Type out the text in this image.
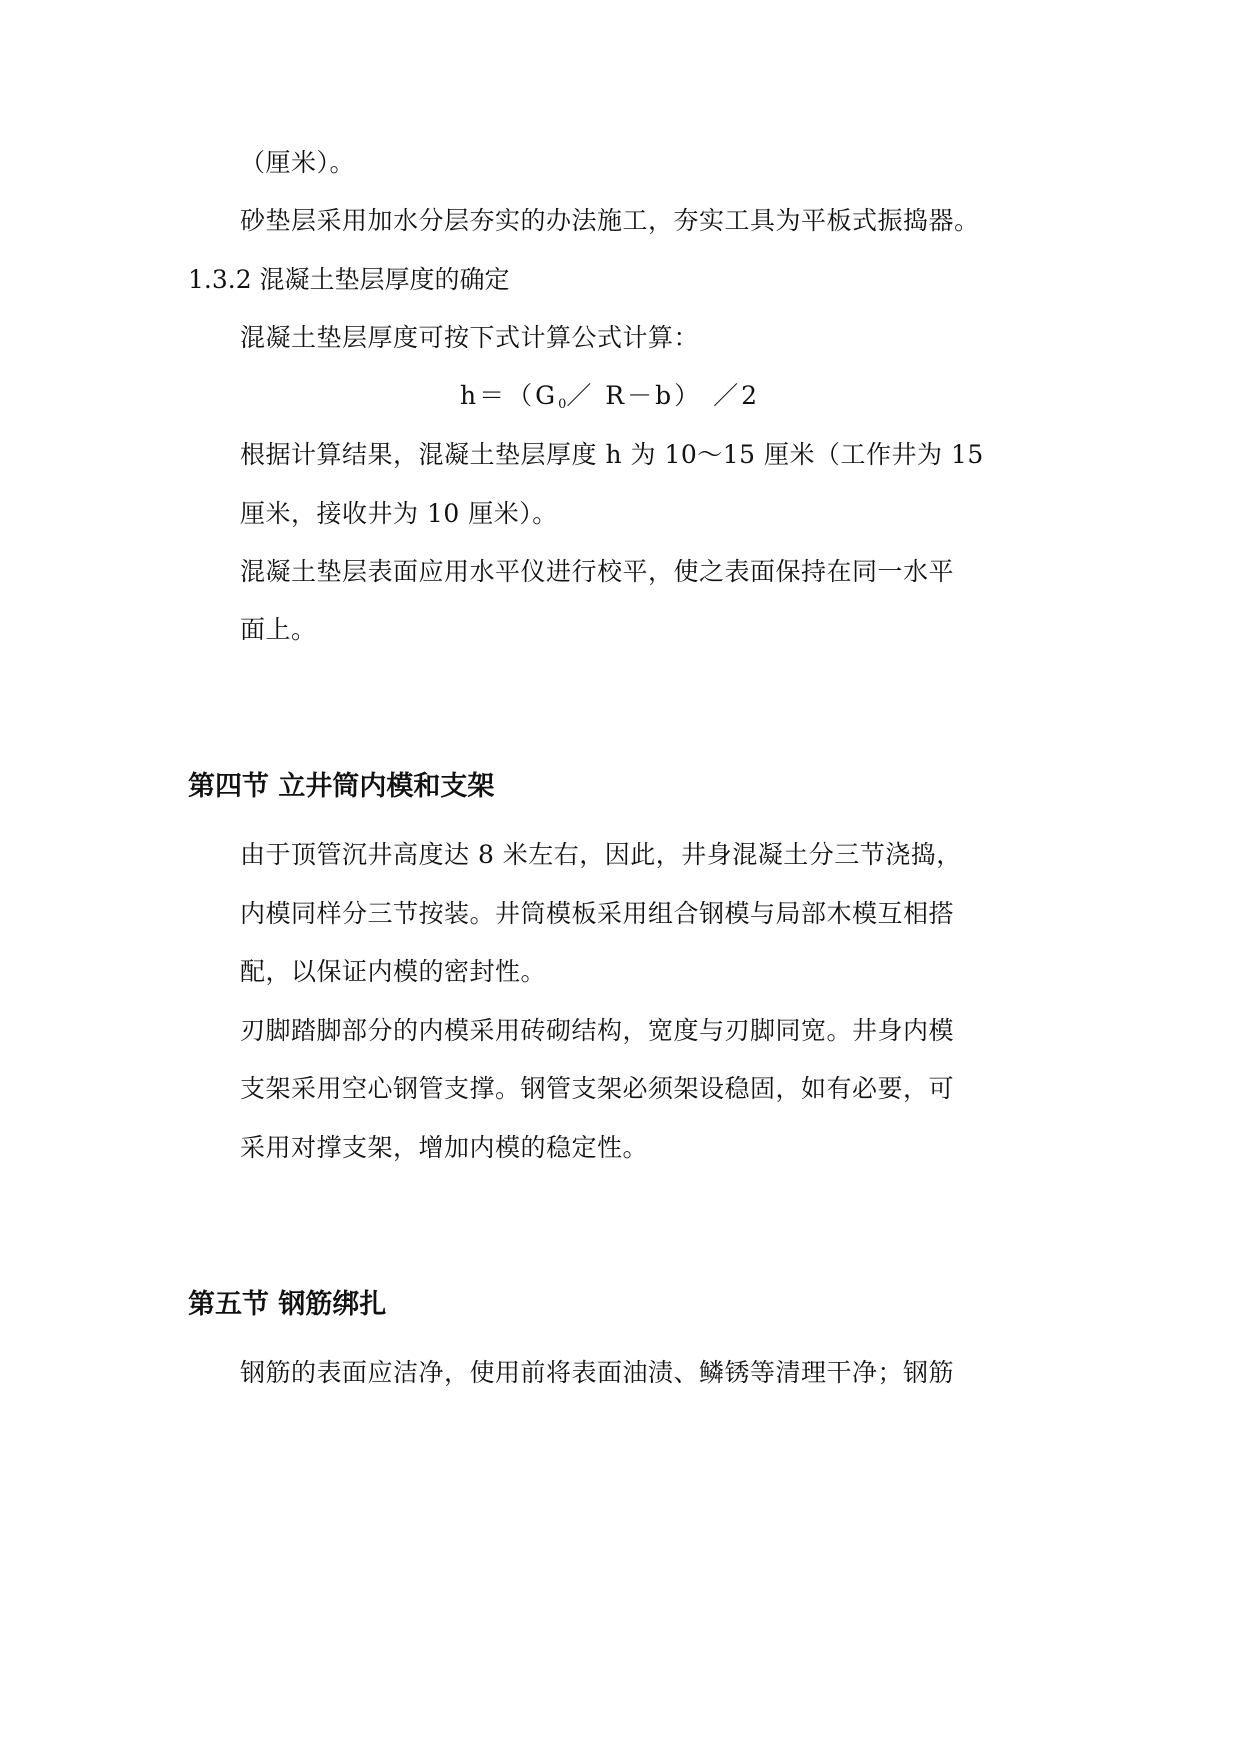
（厘米）。
砂垫层采用加水分层夯实的办法施工，夯实工具为平板式振捣器。
1.3.2 混凝土垫层厚度的确定
混凝土垫层厚度可按下式计算公式计算：
$h=(G_0/$ R－b） ／2
根据计算结果，混凝土垫层厚度 h 为 10～15 厘米（工作井为 15
厘米，接收井为 10 厘米）。
混凝土垫层表面应用水平仪进行校平，使之表面保持在同一水平
面上。
第四节 立井筒内模和支架
由于顶管沉井高度达 8 米左右，因此，井身混凝土分三节浇捣，
内模同样分三节按装。井筒模板采用组合钢模与局部木模互相搭
配，以保证内模的密封性。
刃脚踏脚部分的内模采用砖砌结构，宽度与刃脚同宽。井身内模
支架采用空心钢管支撑。钢管支架必须架设稳固，如有必要，可
采用对撑支架，增加内模的稳定性。
第五节 钢筋绑扎
钢筋的表面应洁净，使用前将表面油渍、鳞锈等清理干净；钢筋
